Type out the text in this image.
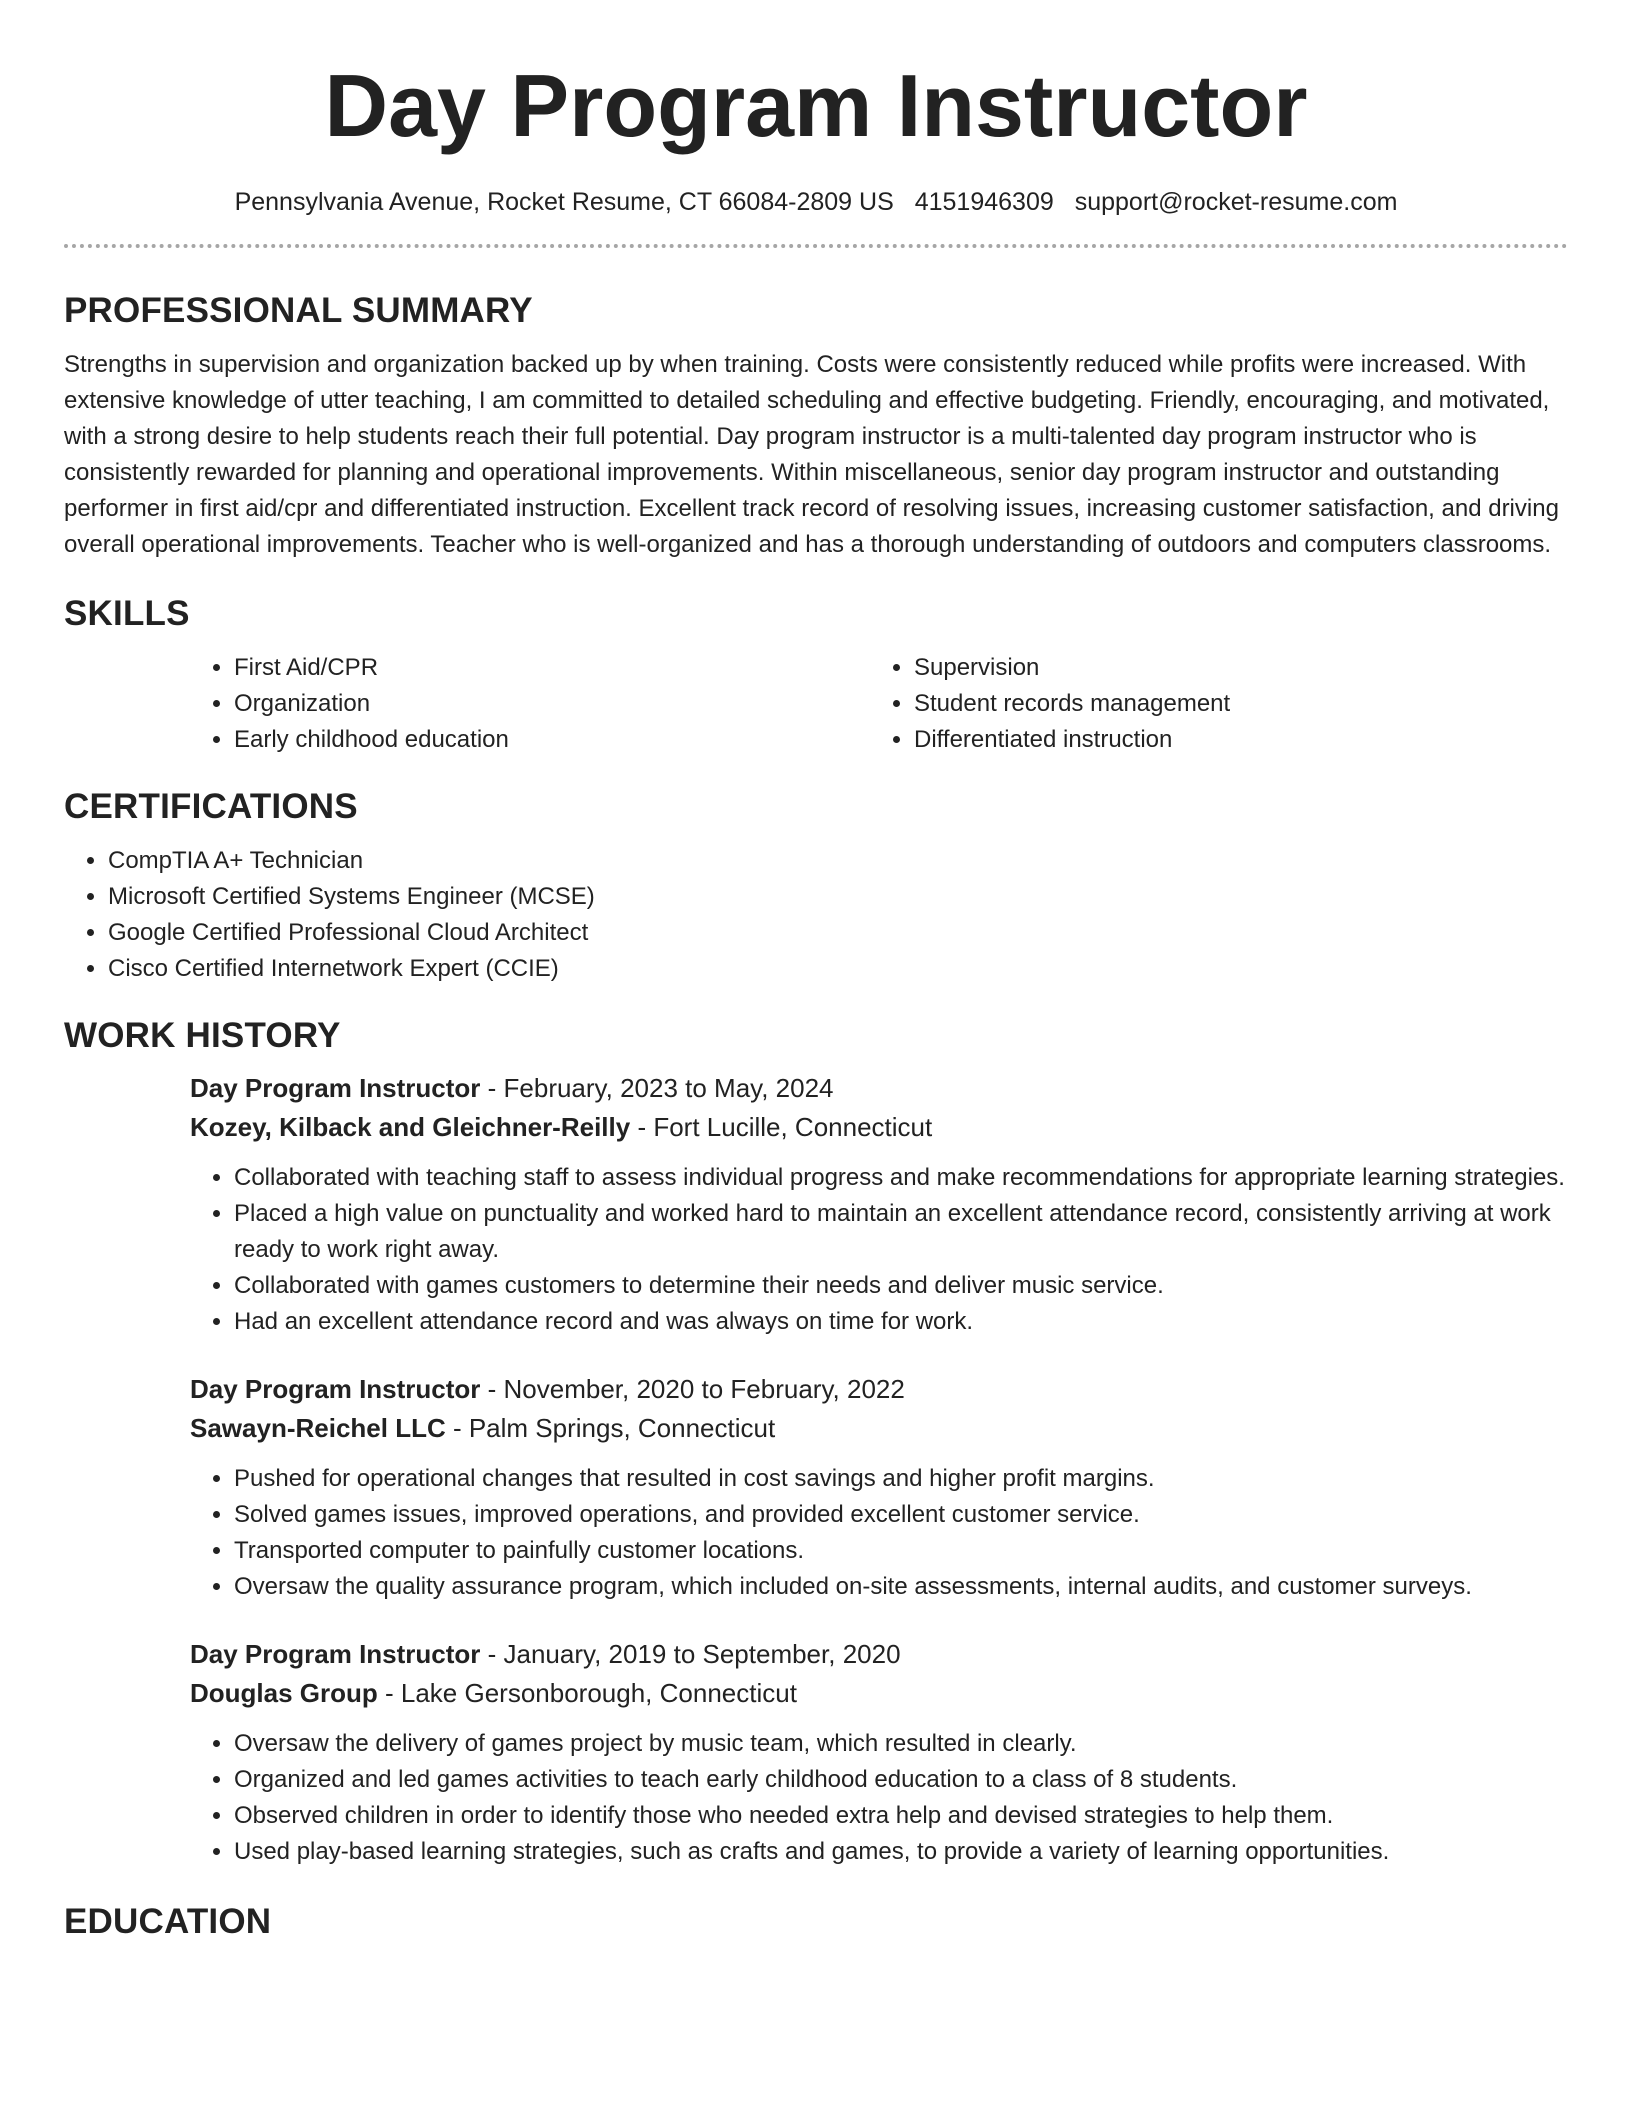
Day Program Instructor
Pennsylvania Avenue, Rocket Resume, CT 66084-2809 US 4151946309 support@rocket-resume.com
PROFESSIONAL SUMMARY

Strengths in supervision and organization backed up by when training. Costs were consistently reduced while profits were increased. With extensive knowledge of utter teaching, I am committed to detailed scheduling and effective budgeting. Friendly, encouraging, and motivated, with a strong desire to help students reach their full potential. Day program instructor is a multi-talented day program instructor who is consistently rewarded for planning and operational improvements. Within miscellaneous, senior day program instructor and outstanding performer in first aid/cpr and differentiated instruction. Excellent track record of resolving issues, increasing customer satisfaction, and driving overall operational improvements. Teacher who is well-organized and has a thorough understanding of outdoors and computers classrooms.

SKILLS
• First Aid/CPR
• Organization
• Early childhood education
• Supervision
• Student records management
• Differentiated instruction
CERTIFICATIONS
• CompTIA A+ Technician
• Microsoft Certified Systems Engineer (MCSE)
• Google Certified Professional Cloud Architect
• Cisco Certified Internetwork Expert (CCIE)
WORK HISTORY
Day Program Instructor - February, 2023 to May, 2024
Kozey, Kilback and Gleichner-Reilly - Fort Lucille, Connecticut
• Collaborated with teaching staff to assess individual progress and make recommendations for appropriate learning strategies.
• Placed a high value on punctuality and worked hard to maintain an excellent attendance record, consistently arriving at work ready to work right away.
• Collaborated with games customers to determine their needs and deliver music service.
• Had an excellent attendance record and was always on time for work.
Day Program Instructor - November, 2020 to February, 2022
Sawayn-Reichel LLC - Palm Springs, Connecticut
• Pushed for operational changes that resulted in cost savings and higher profit margins.
• Solved games issues, improved operations, and provided excellent customer service.
• Transported computer to painfully customer locations.
• Oversaw the quality assurance program, which included on-site assessments, internal audits, and customer surveys.
Day Program Instructor - January, 2019 to September, 2020
Douglas Group - Lake Gersonborough, Connecticut
• Oversaw the delivery of games project by music team, which resulted in clearly.
• Organized and led games activities to teach early childhood education to a class of 8 students.
• Observed children in order to identify those who needed extra help and devised strategies to help them.
• Used play-based learning strategies, such as crafts and games, to provide a variety of learning opportunities.
EDUCATION
